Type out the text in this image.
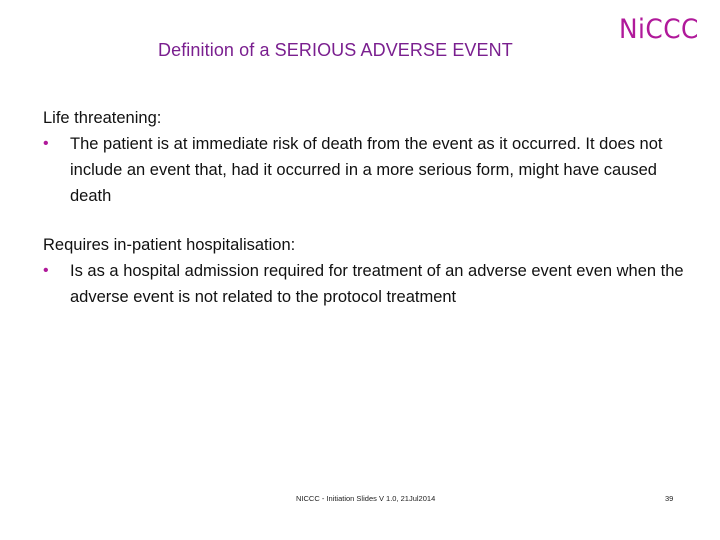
Definition of a SERIOUS ADVERSE EVENT
NiCCC
Life threatening:
•	The patient is at immediate risk of death from the event as it occurred. It does not include an event that, had it occurred in a more serious form, might have caused death
Requires in-patient hospitalisation:
•	Is as a hospital admission required for treatment of an adverse event even when the adverse event is not related to the protocol treatment
NICCC - Initiation Slides V 1.0, 21Jul2014	39
